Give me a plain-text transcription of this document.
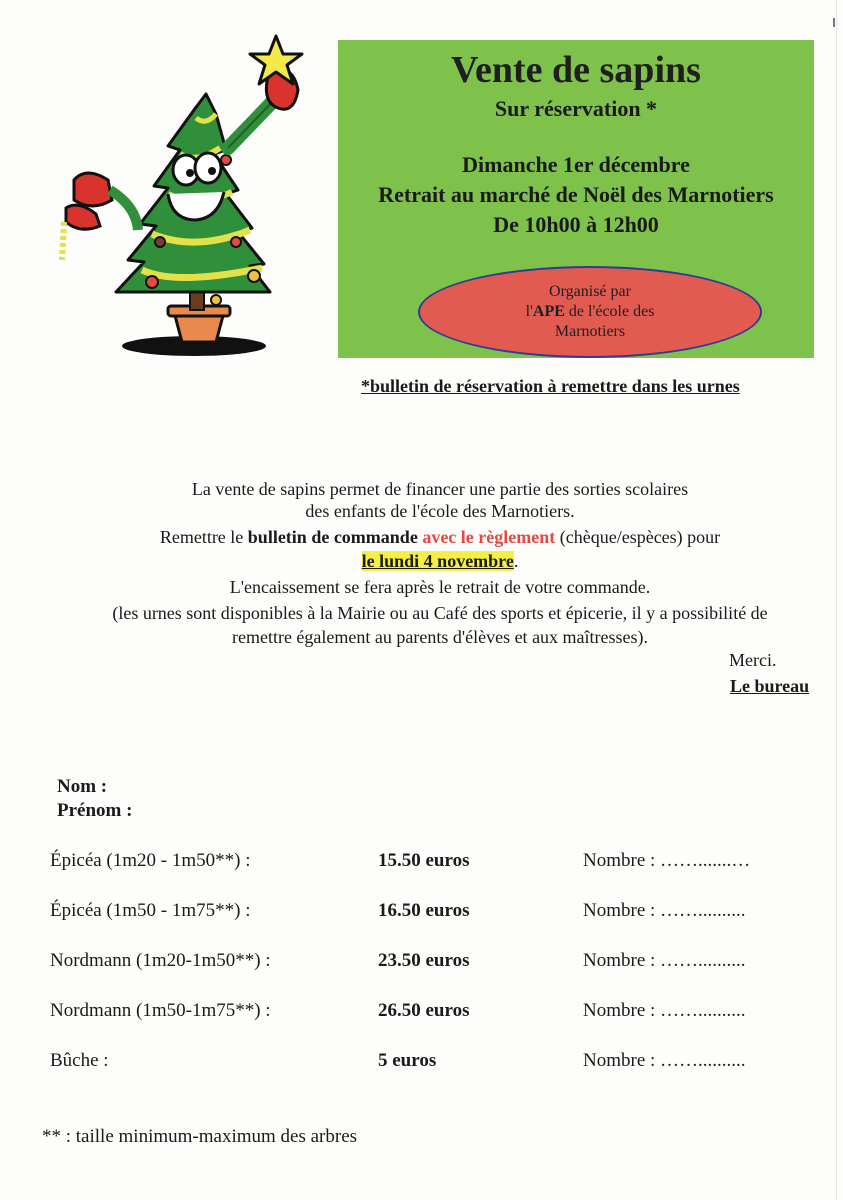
Vente de sapins
Sur réservation *
Dimanche 1er décembre
Retrait au marché de Noël des Marnotiers
De 10h00 à 12h00
Organisé par
l'APE de l'école des
Marnotiers
*bulletin de réservation à remettre dans les urnes
La vente de sapins permet de financer une partie des sorties scolaires
des enfants de l'école des Marnotiers.
Remettre le bulletin de commande avec le règlement (chèque/espèces) pour
le lundi 4 novembre.
L'encaissement se fera après le retrait de votre commande.
(les urnes sont disponibles à la Mairie ou au Café des sports et épicerie, il y a possibilité de
remettre également au parents d'élèves et aux maîtresses).
Merci.
Le bureau
Nom :
Prénom :
Épicéa (1m20 - 1m50**) :	15.50 euros	Nombre : …….......…
Épicéa (1m50 - 1m75**) :	16.50 euros	Nombre : ……..........
Nordmann (1m20-1m50**) :	23.50 euros	Nombre : ……..........
Nordmann (1m50-1m75**) :	26.50 euros	Nombre : ……..........
Bûche :	5 euros	Nombre : ……..........
** : taille minimum-maximum des arbres
